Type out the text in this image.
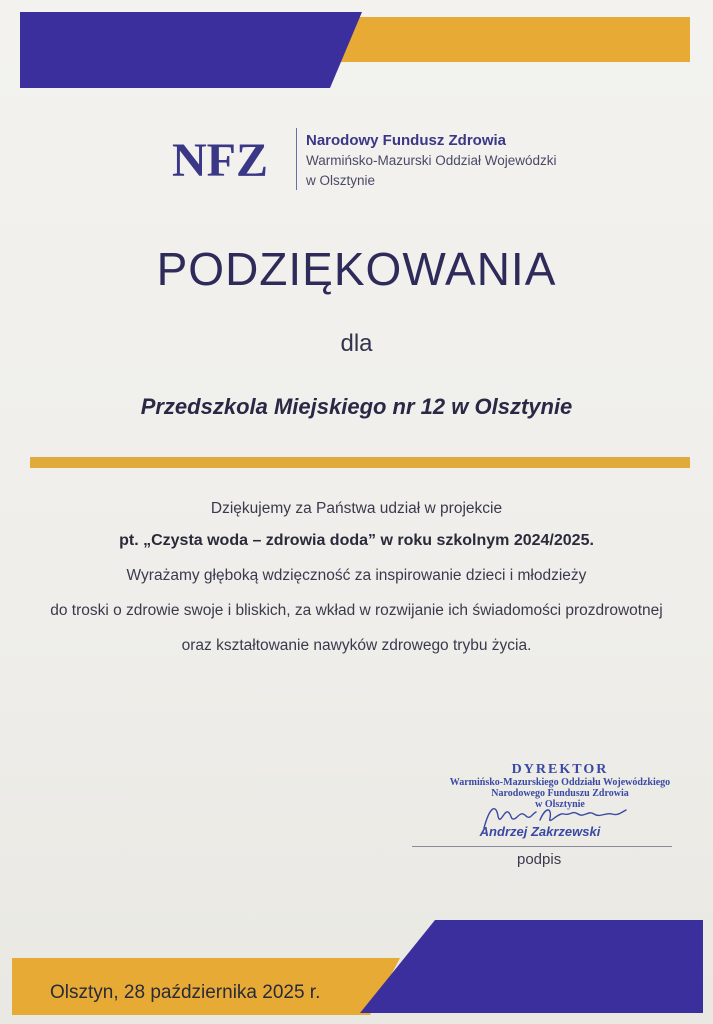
NFZ	Narodowy Fundusz Zdrowia
Warmińsko-Mazurski Oddział Wojewódzki
w Olsztynie
PODZIĘKOWANIA
dla
Przedszkola Miejskiego nr 12 w Olsztynie
Dziękujemy za Państwa udział w projekcie
pt. „Czysta woda – zdrowia doda” w roku szkolnym 2024/2025.
Wyrażamy głęboką wdzięczność za inspirowanie dzieci i młodzieży
do troski o zdrowie swoje i bliskich, za wkład w rozwijanie ich świadomości prozdrowotnej
oraz kształtowanie nawyków zdrowego trybu życia.
DYREKTOR
Warmińsko-Mazurskiego Oddziału Wojewódzkiego
Narodowego Funduszu Zdrowia
w Olsztynie
Andrzej Zakrzewski
podpis
Olsztyn, 28 października 2025 r.
